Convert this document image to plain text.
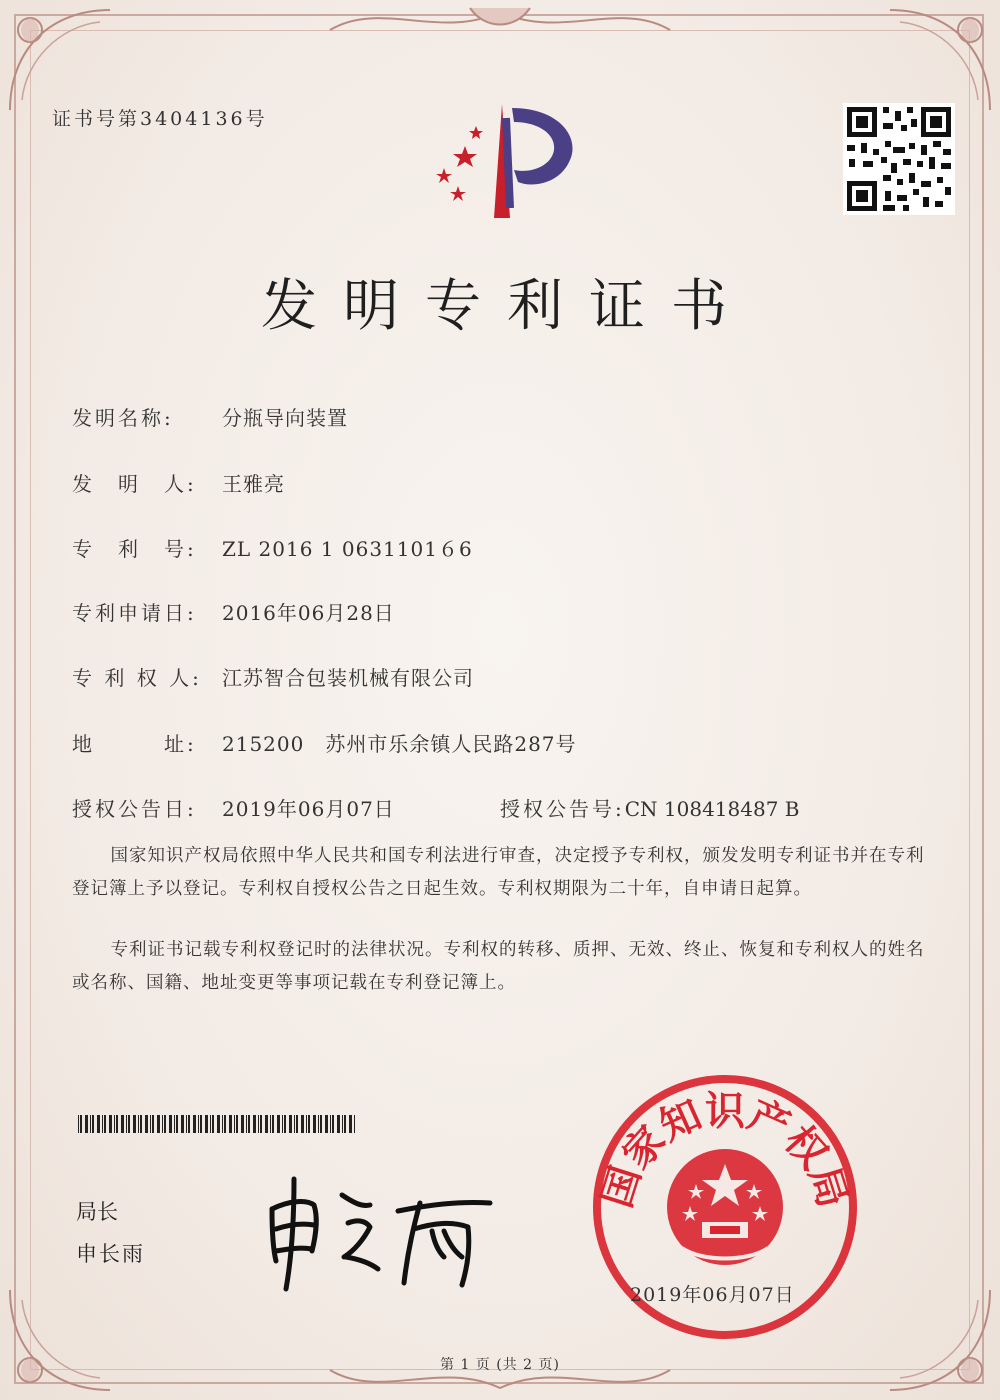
证书号第3404136号
发明专利证书
发明名称: 分瓶导向装置
发　明　人: 王雅亮
专　利　号: ZL 2016 1 0631101６6
专利申请日: 2016年06月28日
专 利 权 人: 江苏智合包装机械有限公司
地　　　址: 215200　苏州市乐余镇人民路287号
授权公告日: 2019年06月07日	授权公告号:CN 108418487 B

国家知识产权局依照中华人民共和国专利法进行审查，决定授予专利权，颁发发明专利证书并在专利登记簿上予以登记。专利权自授权公告之日起生效。专利权期限为二十年，自申请日起算。

专利证书记载专利权登记时的法律状况。专利权的转移、质押、无效、终止、恢复和专利权人的姓名或名称、国籍、地址变更等事项记载在专利登记簿上。

局长
申长雨
国家知识产权局
2019年06月07日
第 1 页 (共 2 页)
